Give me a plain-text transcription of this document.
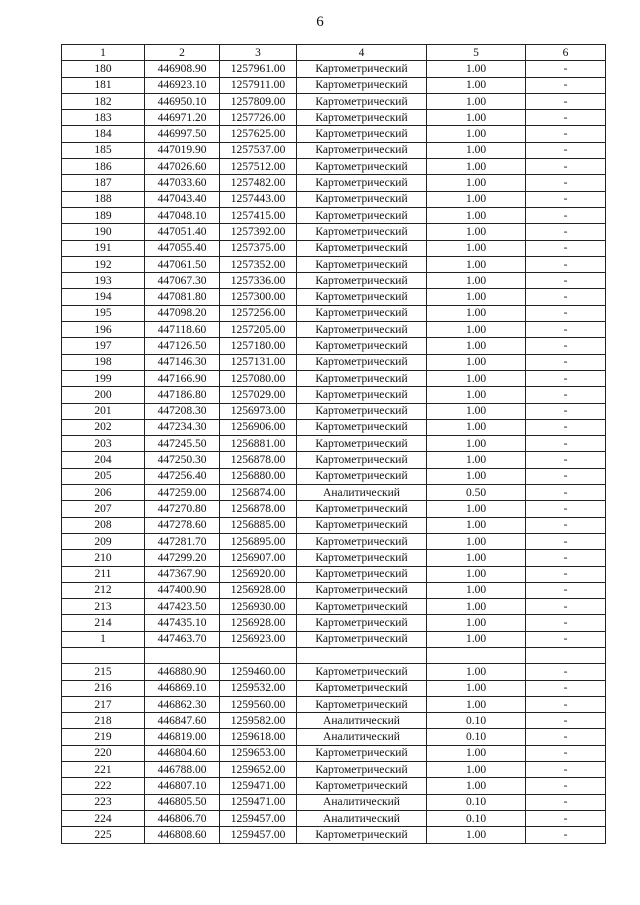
6
1	2	3	4	5	6
180	446908.90	1257961.00	Картометрический	1.00	-
181	446923.10	1257911.00	Картометрический	1.00	-
182	446950.10	1257809.00	Картометрический	1.00	-
183	446971.20	1257726.00	Картометрический	1.00	-
184	446997.50	1257625.00	Картометрический	1.00	-
185	447019.90	1257537.00	Картометрический	1.00	-
186	447026.60	1257512.00	Картометрический	1.00	-
187	447033.60	1257482.00	Картометрический	1.00	-
188	447043.40	1257443.00	Картометрический	1.00	-
189	447048.10	1257415.00	Картометрический	1.00	-
190	447051.40	1257392.00	Картометрический	1.00	-
191	447055.40	1257375.00	Картометрический	1.00	-
192	447061.50	1257352.00	Картометрический	1.00	-
193	447067.30	1257336.00	Картометрический	1.00	-
194	447081.80	1257300.00	Картометрический	1.00	-
195	447098.20	1257256.00	Картометрический	1.00	-
196	447118.60	1257205.00	Картометрический	1.00	-
197	447126.50	1257180.00	Картометрический	1.00	-
198	447146.30	1257131.00	Картометрический	1.00	-
199	447166.90	1257080.00	Картометрический	1.00	-
200	447186.80	1257029.00	Картометрический	1.00	-
201	447208.30	1256973.00	Картометрический	1.00	-
202	447234.30	1256906.00	Картометрический	1.00	-
203	447245.50	1256881.00	Картометрический	1.00	-
204	447250.30	1256878.00	Картометрический	1.00	-
205	447256.40	1256880.00	Картометрический	1.00	-
206	447259.00	1256874.00	Аналитический	0.50	-
207	447270.80	1256878.00	Картометрический	1.00	-
208	447278.60	1256885.00	Картометрический	1.00	-
209	447281.70	1256895.00	Картометрический	1.00	-
210	447299.20	1256907.00	Картометрический	1.00	-
211	447367.90	1256920.00	Картометрический	1.00	-
212	447400.90	1256928.00	Картометрический	1.00	-
213	447423.50	1256930.00	Картометрический	1.00	-
214	447435.10	1256928.00	Картометрический	1.00	-
1	447463.70	1256923.00	Картометрический	1.00	-

215	446880.90	1259460.00	Картометрический	1.00	-
216	446869.10	1259532.00	Картометрический	1.00	-
217	446862.30	1259560.00	Картометрический	1.00	-
218	446847.60	1259582.00	Аналитический	0.10	-
219	446819.00	1259618.00	Аналитический	0.10	-
220	446804.60	1259653.00	Картометрический	1.00	-
221	446788.00	1259652.00	Картометрический	1.00	-
222	446807.10	1259471.00	Картометрический	1.00	-
223	446805.50	1259471.00	Аналитический	0.10	-
224	446806.70	1259457.00	Аналитический	0.10	-
225	446808.60	1259457.00	Картометрический	1.00	-
